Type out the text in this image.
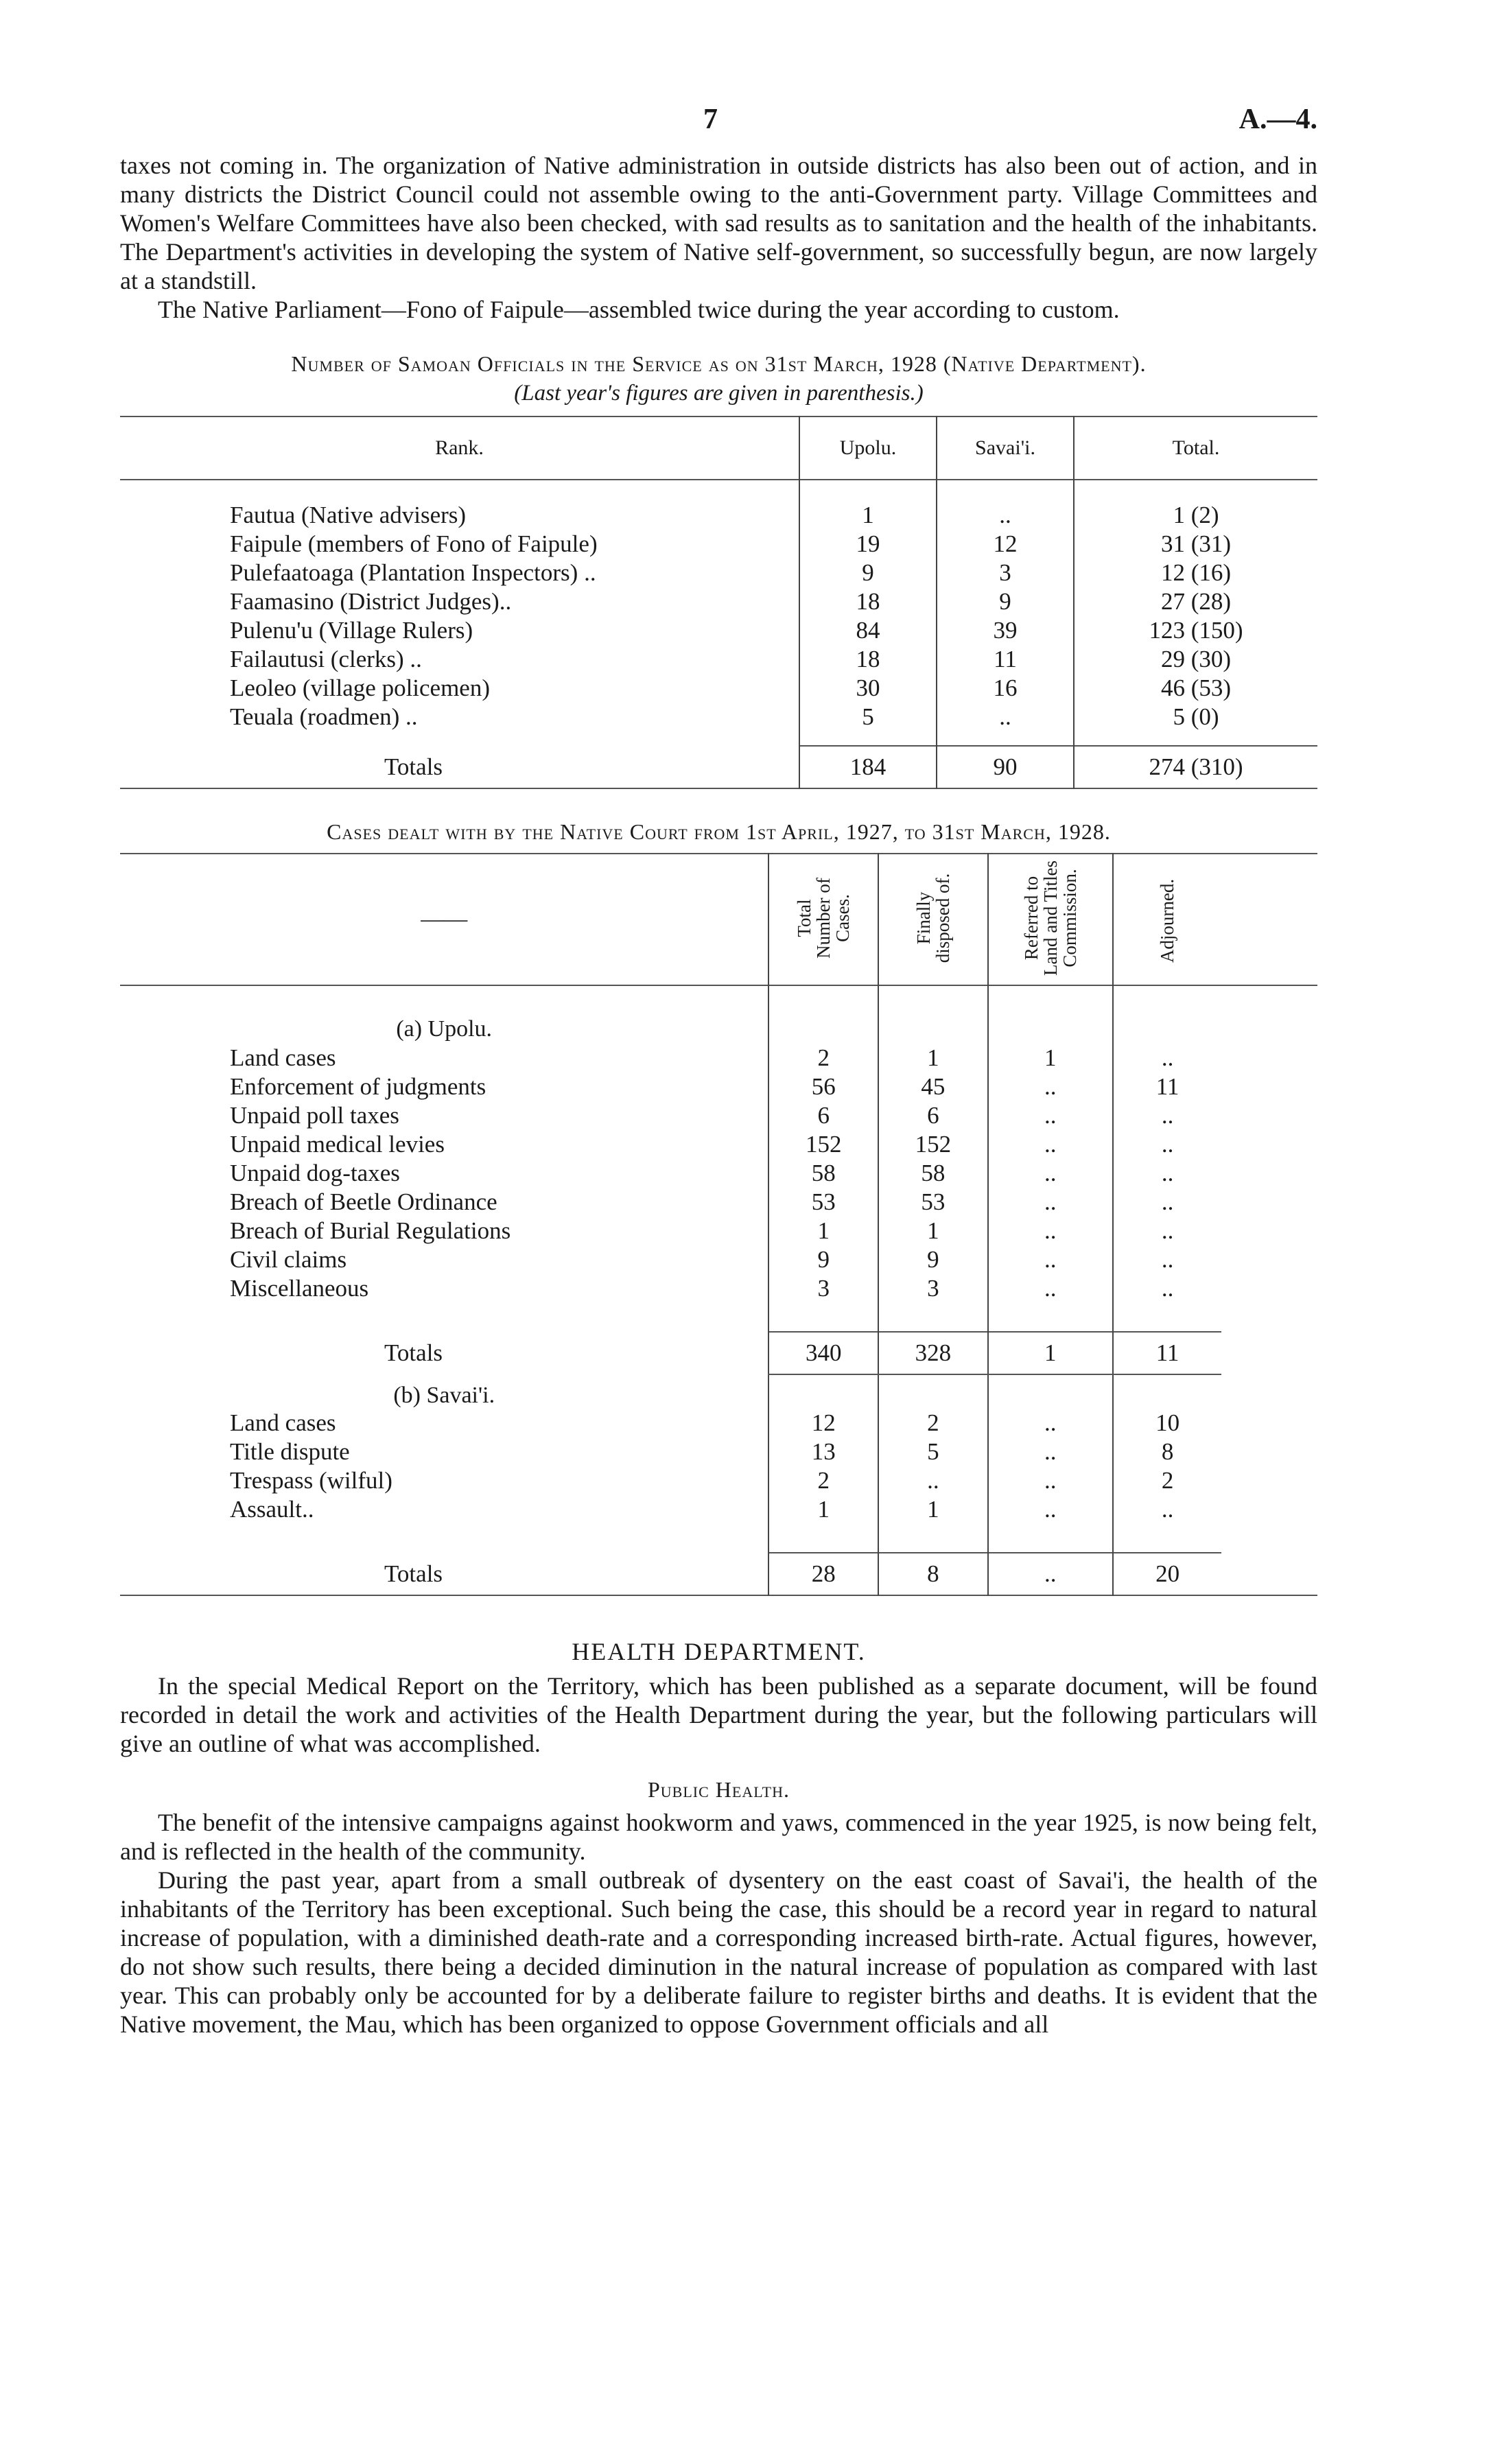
7	A.—4.

taxes not coming in. The organization of Native administration in outside districts has also been out of action, and in many districts the District Council could not assemble owing to the anti-Government party. Village Committees and Women's Welfare Committees have also been checked, with sad results as to sanitation and the health of the inhabitants. The Department's activities in developing the system of Native self-government, so successfully begun, are now largely at a standstill.

The Native Parliament—Fono of Faipule—assembled twice during the year according to custom.

Number of Samoan Officials in the Service as on 31st March, 1928 (Native Department).
(Last year's figures are given in parenthesis.)
Rank.	Upolu.	Savai'i.	Total.

Fautua (Native advisers)	1	..	1 (2)
Faipule (members of Fono of Faipule)	19	12	31 (31)
Pulefaatoaga (Plantation Inspectors) ..	9	3	12 (16)
Faamasino (District Judges)..	18	9	27 (28)
Pulenu'u (Village Rulers)	84	39	123 (150)
Failautusi (clerks) ..	18	11	29 (30)
Leoleo (village policemen)	30	16	46 (53)
Teuala (roadmen) ..	5	..	5 (0)

Totals	184	90	274 (310)
Cases dealt with by the Native Court from 1st April, 1927, to 31st March, 1928.
——	Total Number of Cases.	Finally disposed of.	Referred to Land and Titles Commission.	Adjourned.	

(a) Upolu.					
Land cases	2	1	1	..	
Enforcement of judgments	56	45	..	11	
Unpaid poll taxes	6	6	..	..	
Unpaid medical levies	152	152	..	..	
Unpaid dog-taxes	58	58	..	..	
Breach of Beetle Ordinance	53	53	..	..	
Breach of Burial Regulations	1	1	..	..	
Civil claims	9	9	..	..	
Miscellaneous	3	3	..	..	

Totals	340	328	1	11	
(b) Savai'i.					
Land cases	12	2	..	10	
Title dispute	13	5	..	8	
Trespass (wilful)	2	..	..	2	
Assault..	1	1	..	..	

Totals	28	8	..	20	
HEALTH DEPARTMENT.

In the special Medical Report on the Territory, which has been published as a separate document, will be found recorded in detail the work and activities of the Health Department during the year, but the following particulars will give an outline of what was accomplished.

Public Health.

The benefit of the intensive campaigns against hookworm and yaws, commenced in the year 1925, is now being felt, and is reflected in the health of the community.

During the past year, apart from a small outbreak of dysentery on the east coast of Savai'i, the health of the inhabitants of the Territory has been exceptional. Such being the case, this should be a record year in regard to natural increase of population, with a diminished death-rate and a corresponding increased birth-rate. Actual figures, however, do not show such results, there being a decided diminution in the natural increase of population as compared with last year. This can probably only be accounted for by a deliberate failure to register births and deaths. It is evident that the Native movement, the Mau, which has been organized to oppose Government officials and all
